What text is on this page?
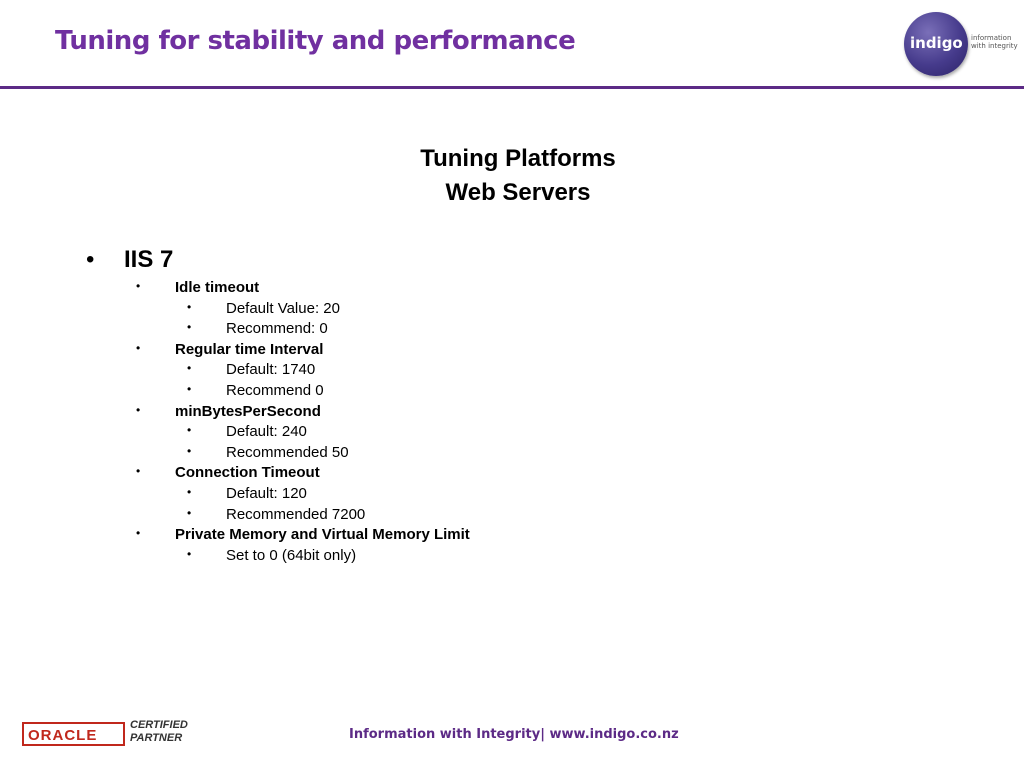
Tuning for stability and performance	indigo information
with integrity
Tuning Platforms
Web Servers
• IIS 7
• Idle timeout
• Default Value: 20
• Recommend: 0
• Regular time Interval
• Default: 1740
• Recommend 0
• minBytesPerSecond
• Default: 240
• Recommended 50
• Connection Timeout
• Default: 120
• Recommended 7200
• Private Memory and Virtual Memory Limit
• Set to 0 (64bit only)
ORACLE
CERTIFIED
PARTNER	Information with Integrity| www.indigo.co.nz
